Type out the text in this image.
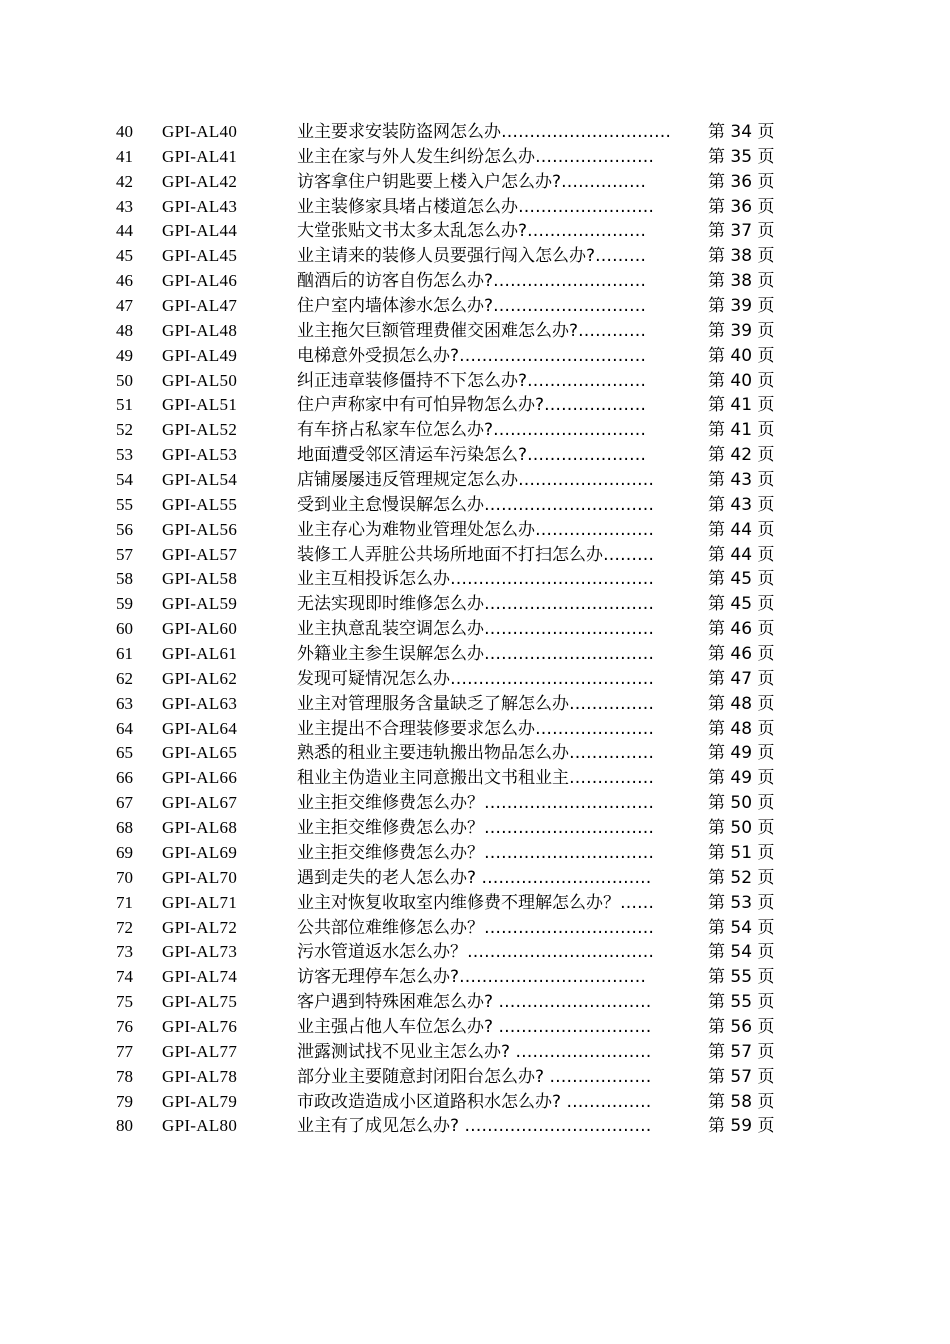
40 GPI-AL40	业主要求安装防盗网怎么办…………………………	第 34 页
41 GPI-AL41	业主在家与外人发生纠纷怎么办…………………	第 35 页
42 GPI-AL42	访客拿住户钥匙要上楼入户怎么办?……………	第 36 页
43 GPI-AL43	业主装修家具堵占楼道怎么办……………………	第 36 页
44 GPI-AL44	大堂张贴文书太多太乱怎么办?…………………	第 37 页
45 GPI-AL45	业主请来的装修人员要强行闯入怎么办?………	第 38 页
46 GPI-AL46	酗酒后的访客自伤怎么办?………………………	第 38 页
47 GPI-AL47	住户室内墙体渗水怎么办?………………………	第 39 页
48 GPI-AL48	业主拖欠巨额管理费催交困难怎么办?…………	第 39 页
49 GPI-AL49	电梯意外受损怎么办?……………………………	第 40 页
50 GPI-AL50	纠正违章装修僵持不下怎么办?…………………	第 40 页
51 GPI-AL51	住户声称家中有可怕异物怎么办?………………	第 41 页
52 GPI-AL52	有车挤占私家车位怎么办?………………………	第 41 页
53 GPI-AL53	地面遭受邻区清运车污染怎么?…………………	第 42 页
54 GPI-AL54	店铺屡屡违反管理规定怎么办……………………	第 43 页
55 GPI-AL55	受到业主怠慢误解怎么办…………………………	第 43 页
56 GPI-AL56	业主存心为难物业管理处怎么办…………………	第 44 页
57 GPI-AL57	装修工人弄脏公共场所地面不打扫怎么办………	第 44 页
58 GPI-AL58	业主互相投诉怎么办………………………………	第 45 页
59 GPI-AL59	无法实现即时维修怎么办…………………………	第 45 页
60 GPI-AL60	业主执意乱装空调怎么办…………………………	第 46 页
61 GPI-AL61	外籍业主参生误解怎么办…………………………	第 46 页
62 GPI-AL62	发现可疑情况怎么办………………………………	第 47 页
63 GPI-AL63	业主对管理服务含量缺乏了解怎么办……………	第 48 页
64 GPI-AL64	业主提出不合理装修要求怎么办…………………	第 48 页
65 GPI-AL65	熟悉的租业主要违轨搬出物品怎么办……………	第 49 页
66 GPI-AL66	租业主伪造业主同意搬出文书租业主……………	第 49 页
67 GPI-AL67	业主拒交维修费怎么办？…………………………	第 50 页
68 GPI-AL68	业主拒交维修费怎么办？…………………………	第 50 页
69 GPI-AL69	业主拒交维修费怎么办？…………………………	第 51 页
70 GPI-AL70	遇到走失的老人怎么办? …………………………	第 52 页
71 GPI-AL71	业主对恢复收取室内维修费不理解怎么办？……	第 53 页
72 GPI-AL72	公共部位难维修怎么办？…………………………	第 54 页
73 GPI-AL73	污水管道返水怎么办？……………………………	第 54 页
74 GPI-AL74	访客无理停车怎么办?……………………………	第 55 页
75 GPI-AL75	客户遇到特殊困难怎么办? ………………………	第 55 页
76 GPI-AL76	业主强占他人车位怎么办? ………………………	第 56 页
77 GPI-AL77	泄露测试找不见业主怎么办? ……………………	第 57 页
78 GPI-AL78	部分业主要随意封闭阳台怎么办? ………………	第 57 页
79 GPI-AL79	市政改造造成小区道路积水怎么办? ……………	第 58 页
80 GPI-AL80	业主有了成见怎么办? ……………………………	第 59 页
